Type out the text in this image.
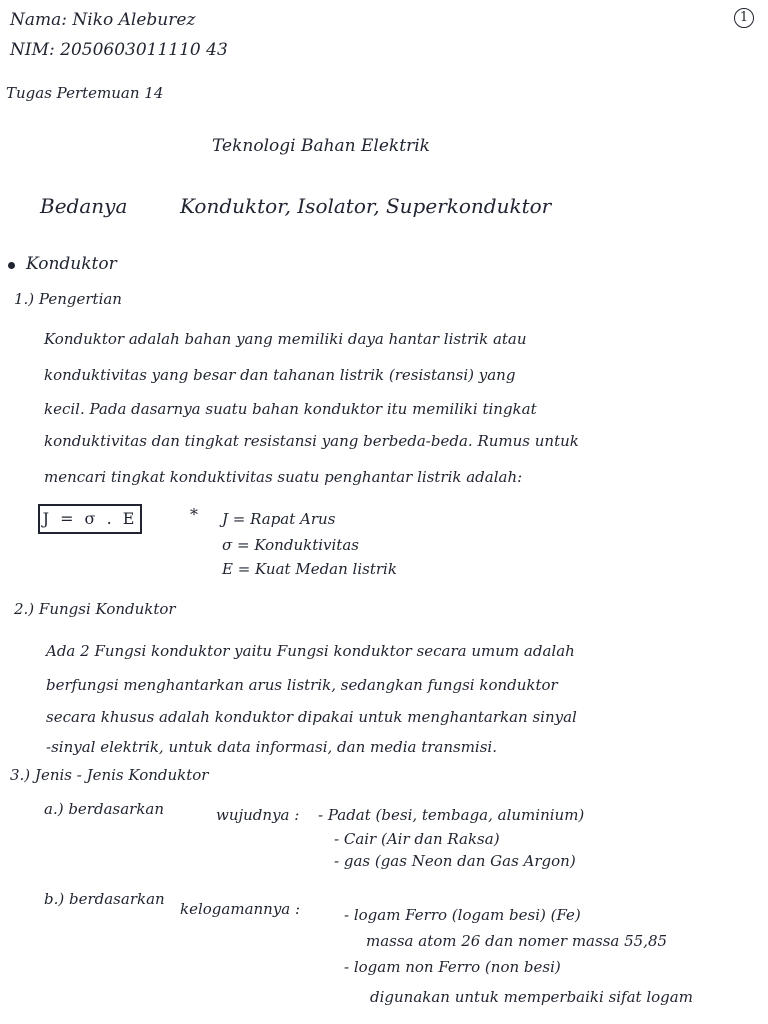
1
Nama: Niko Aleburez
NIM: 2050603011110 43
Tugas Pertemuan 14
Teknologi Bahan Elektrik
Bedanya	Konduktor, Isolator, Superkonduktor
Konduktor
1.) Pengertian
Konduktor adalah bahan yang memiliki daya hantar listrik atau
konduktivitas yang besar dan tahanan listrik (resistansi) yang
kecil. Pada dasarnya suatu bahan konduktor itu memiliki tingkat
konduktivitas dan tingkat resistansi yang berbeda-beda. Rumus untuk
mencari tingkat konduktivitas suatu penghantar listrik adalah:
J = σ . E	* J = Rapat Arus
σ = Konduktivitas
E = Kuat Medan listrik
2.) Fungsi Konduktor
Ada 2 Fungsi konduktor yaitu Fungsi konduktor secara umum adalah
berfungsi menghantarkan arus listrik, sedangkan fungsi konduktor
secara khusus adalah konduktor dipakai untuk menghantarkan sinyal
-sinyal elektrik, untuk data informasi, dan media transmisi.
3.) Jenis - Jenis Konduktor
a.) berdasarkan	wujudnya : - Padat (besi, tembaga, aluminium)
- Cair (Air dan Raksa)
- gas (gas Neon dan Gas Argon)
b.) berdasarkan
kelogamannya :	- logam Ferro (logam besi) (Fe)
massa atom 26 dan nomer massa 55,85
- logam non Ferro (non besi)
digunakan untuk memperbaiki sifat logam
